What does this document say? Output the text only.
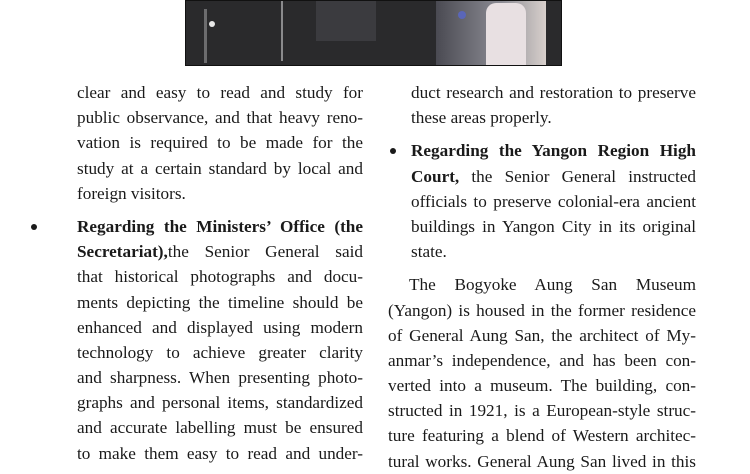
clear and easy to read and study for
public observance, and that heavy reno-
vation is required to be made for the
study at a certain standard by local and
foreign visitors.
Regarding the Ministers’ Office (the
Secretariat),the Senior General said
that historical photographs and docu-
ments depicting the timeline should be
enhanced and displayed using modern
technology to achieve greater clarity
and sharpness. When presenting photo-
graphs and personal items, standardized
and accurate labelling must be ensured
to make them easy to read and under-
duct research and restoration to preserve
these areas properly.
Regarding the Yangon Region High
Court, the Senior General instructed
officials to preserve colonial-era ancient
buildings in Yangon City in its original
state.
The Bogyoke Aung San Museum
(Yangon) is housed in the former residence
of General Aung San, the architect of My-
anmar’s independence, and has been con-
verted into a museum. The building, con-
structed in 1921, is a European-style struc-
ture featuring a blend of Western architec-
tural works. General Aung San lived in this
